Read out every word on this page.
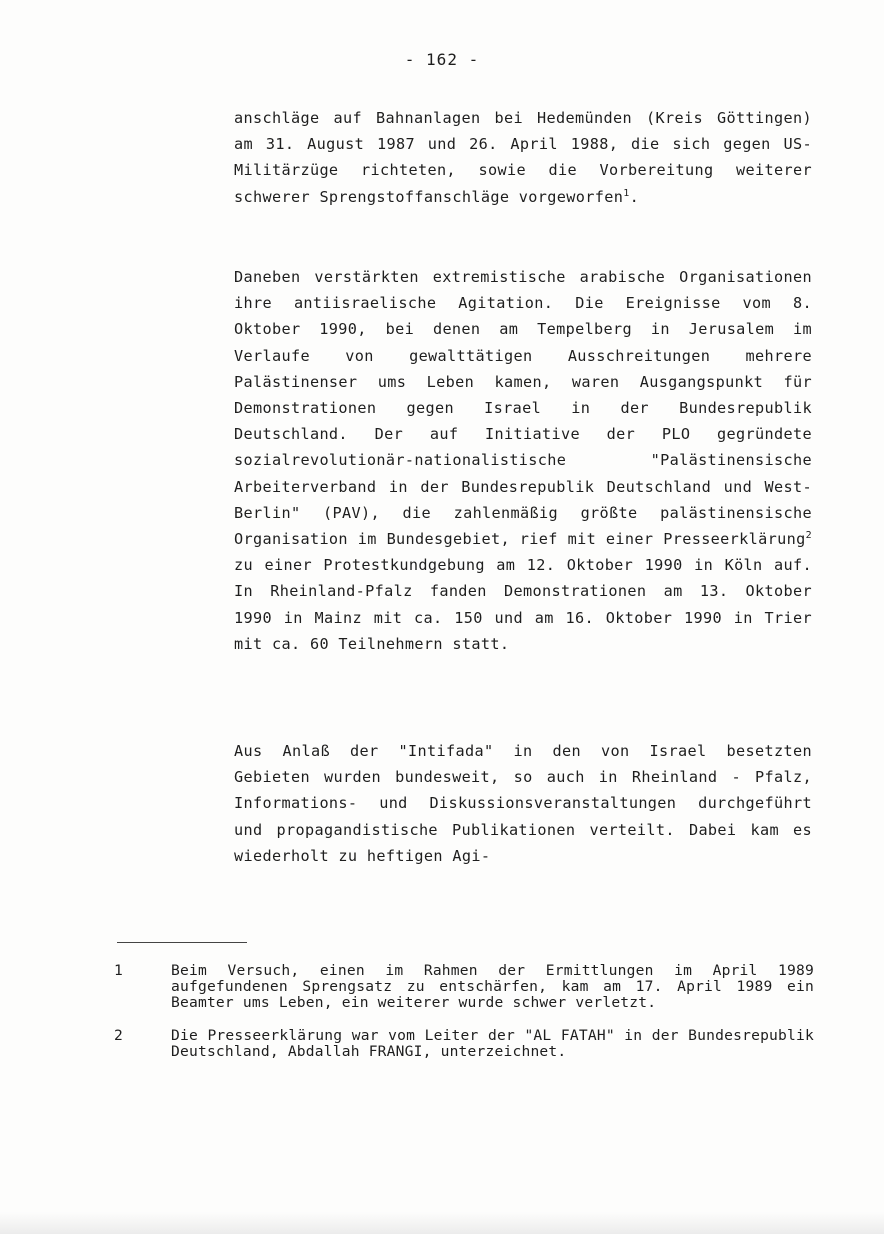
- 162 -

anschläge auf Bahnanlagen bei Hedemünden (Kreis Göttingen) am 31. August 1987 und 26. April 1988, die sich gegen US-Militärzüge richteten, sowie die Vorbereitung weiterer schwerer Sprengstoffanschläge vorgeworfen$^1$.

Daneben verstärkten extremistische arabische Organisationen ihre antiisraelische Agitation. Die Ereignisse vom 8. Oktober 1990, bei denen am Tempelberg in Jerusalem im Verlaufe von gewalttätigen Ausschreitungen mehrere Palästinenser ums Leben kamen, waren Ausgangspunkt für Demonstrationen gegen Israel in der Bundesrepublik Deutschland. Der auf Initiative der PLO gegründete sozialrevolutionär-nationalistische "Palästinensische Arbeiterverband in der Bundesrepublik Deutschland und West-Berlin" (PAV), die zahlenmäßig größte palästinensische Organisation im Bundesgebiet, rief mit einer Presseerklärung$^2$ zu einer Protestkundgebung am 12. Oktober 1990 in Köln auf. In Rheinland-Pfalz fanden Demonstrationen am 13. Oktober 1990 in Mainz mit ca. 150 und am 16. Oktober 1990 in Trier mit ca. 60 Teilnehmern statt.

Aus Anlaß der "Intifada" in den von Israel besetzten Gebieten wurden bundesweit, so auch in Rheinland - Pfalz, Informations- und Diskussionsveranstaltungen durchgeführt und propagandistische Publikationen verteilt. Dabei kam es wiederholt zu heftigen Agi-

1	Beim Versuch, einen im Rahmen der Ermittlungen im April 1989 aufgefundenen Sprengsatz zu entschärfen, kam am 17. April 1989 ein Beamter ums Leben, ein weiterer wurde schwer verletzt.
2	Die Presseerklärung war vom Leiter der "AL FATAH" in der Bundesrepublik Deutschland, Abdallah FRANGI, unterzeichnet.
